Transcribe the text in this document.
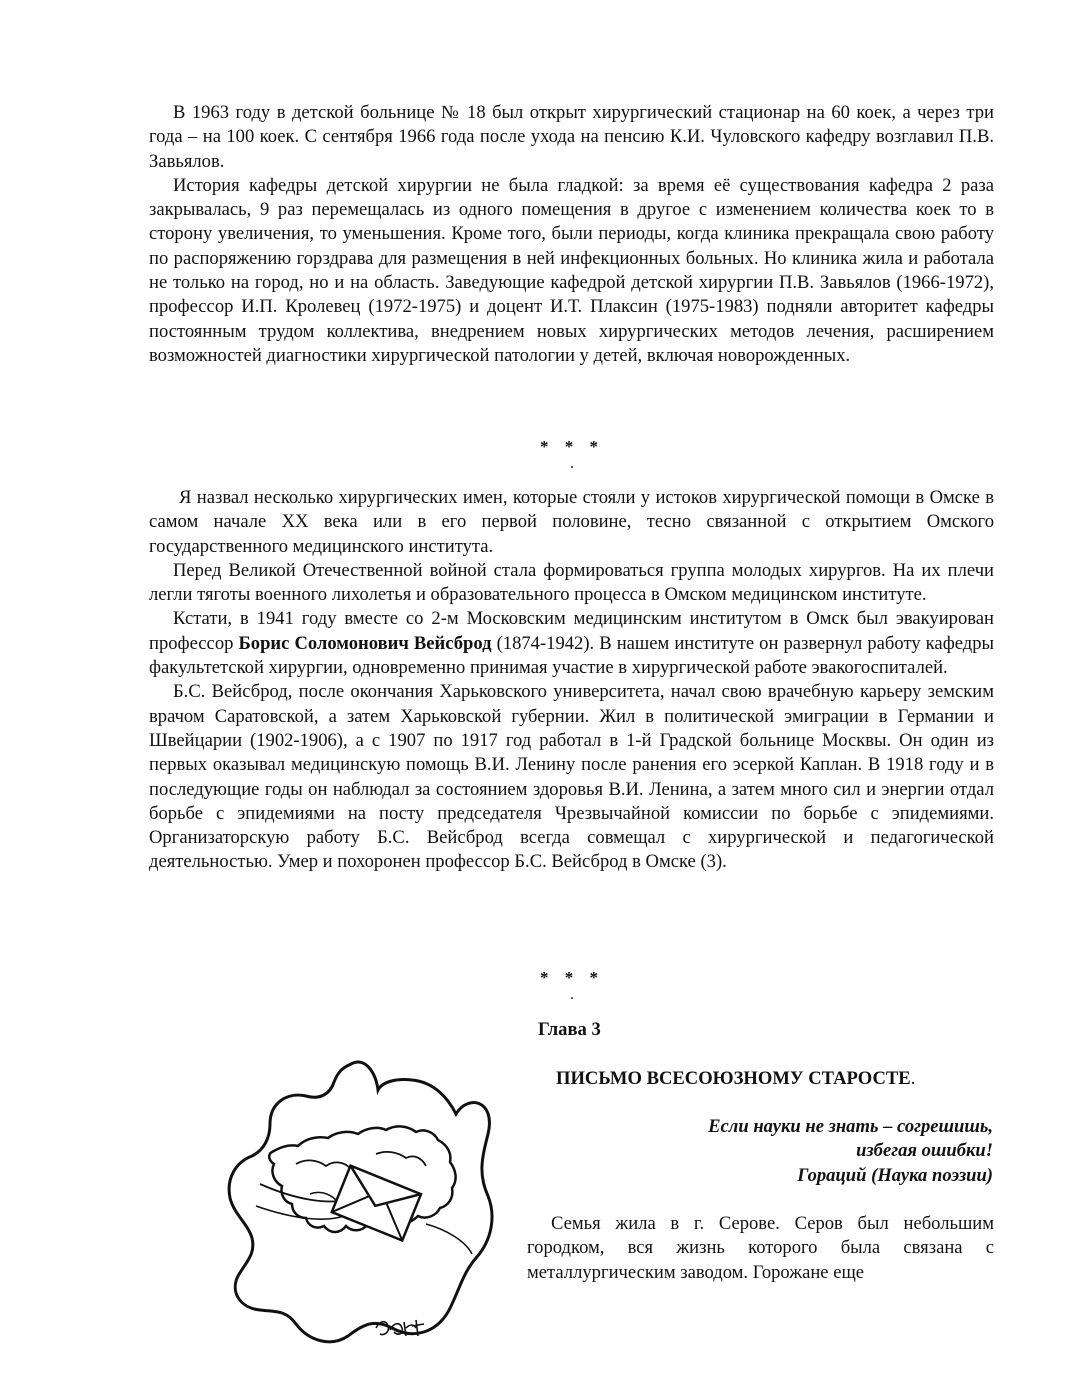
В 1963 году в детской больнице № 18 был открыт хирургический стационар на 60 коек, а через три года – на 100 коек. С сентября 1966 года после ухода на пенсию К.И. Чуловского кафедру возглавил П.В. Завьялов.

История кафедры детской хирургии не была гладкой: за время её существования кафедра 2 раза закрывалась, 9 раз перемещалась из одного помещения в другое с изменением количества коек то в сторону увеличения, то уменьшения. Кроме того, были периоды, когда клиника прекращала свою работу по распоряжению горздрава для размещения в ней инфекционных больных. Но клиника жила и работала не только на город, но и на область. Заведующие кафедрой детской хирургии П.В. Завьялов (1966-1972), профессор И.П. Кролевец (1972-1975) и доцент И.Т. Плаксин (1975-1983) подняли авторитет кафедры постоянным трудом коллектива, внедрением новых хирургических методов лечения, расширением возможностей диагностики хирургической патологии у детей, включая новорожденных.

* * *
.

Я назвал несколько хирургических имен, которые стояли у истоков хирургической помощи в Омске в самом начале XX века или в его первой половине, тесно связанной с открытием Омского государственного медицинского института.

Перед Великой Отечественной войной стала формироваться группа молодых хирургов. На их плечи легли тяготы военного лихолетья и образовательного процесса в Омском медицинском институте.

Кстати, в 1941 году вместе со 2-м Московским медицинским институтом в Омск был эвакуирован профессор Борис Соломонович Вейсброд (1874-1942). В нашем институте он развернул работу кафедры факультетской хирургии, одновременно принимая участие в хирургической работе эвакогоспиталей.

Б.С. Вейсброд, после окончания Харьковского университета, начал свою врачебную карьеру земским врачом Саратовской, а затем Харьковской губернии. Жил в политической эмиграции в Германии и Швейцарии (1902-1906), а с 1907 по 1917 год работал в 1-й Градской больнице Москвы. Он один из первых оказывал медицинскую помощь В.И. Ленину после ранения его эсеркой Каплан. В 1918 году и в последующие годы он наблюдал за состоянием здоровья В.И. Ленина, а затем много сил и энергии отдал борьбе с эпидемиями на посту председателя Чрезвычайной комиссии по борьбе с эпидемиями. Организаторскую работу Б.С. Вейсброд всегда совмещал с хирургической и педагогической деятельностью. Умер и похоронен профессор Б.С. Вейсброд в Омске (3).

* * *
.
Глава 3
ПИСЬМО ВСЕСОЮЗНОМУ СТАРОСТЕ.
Если науки не знать – согрешишь,
избегая ошибки!
Гораций (Наука поэзии)

Семья жила в г. Серове. Серов был небольшим городком, вся жизнь которого была связана с металлургическим заводом. Горожане еще
